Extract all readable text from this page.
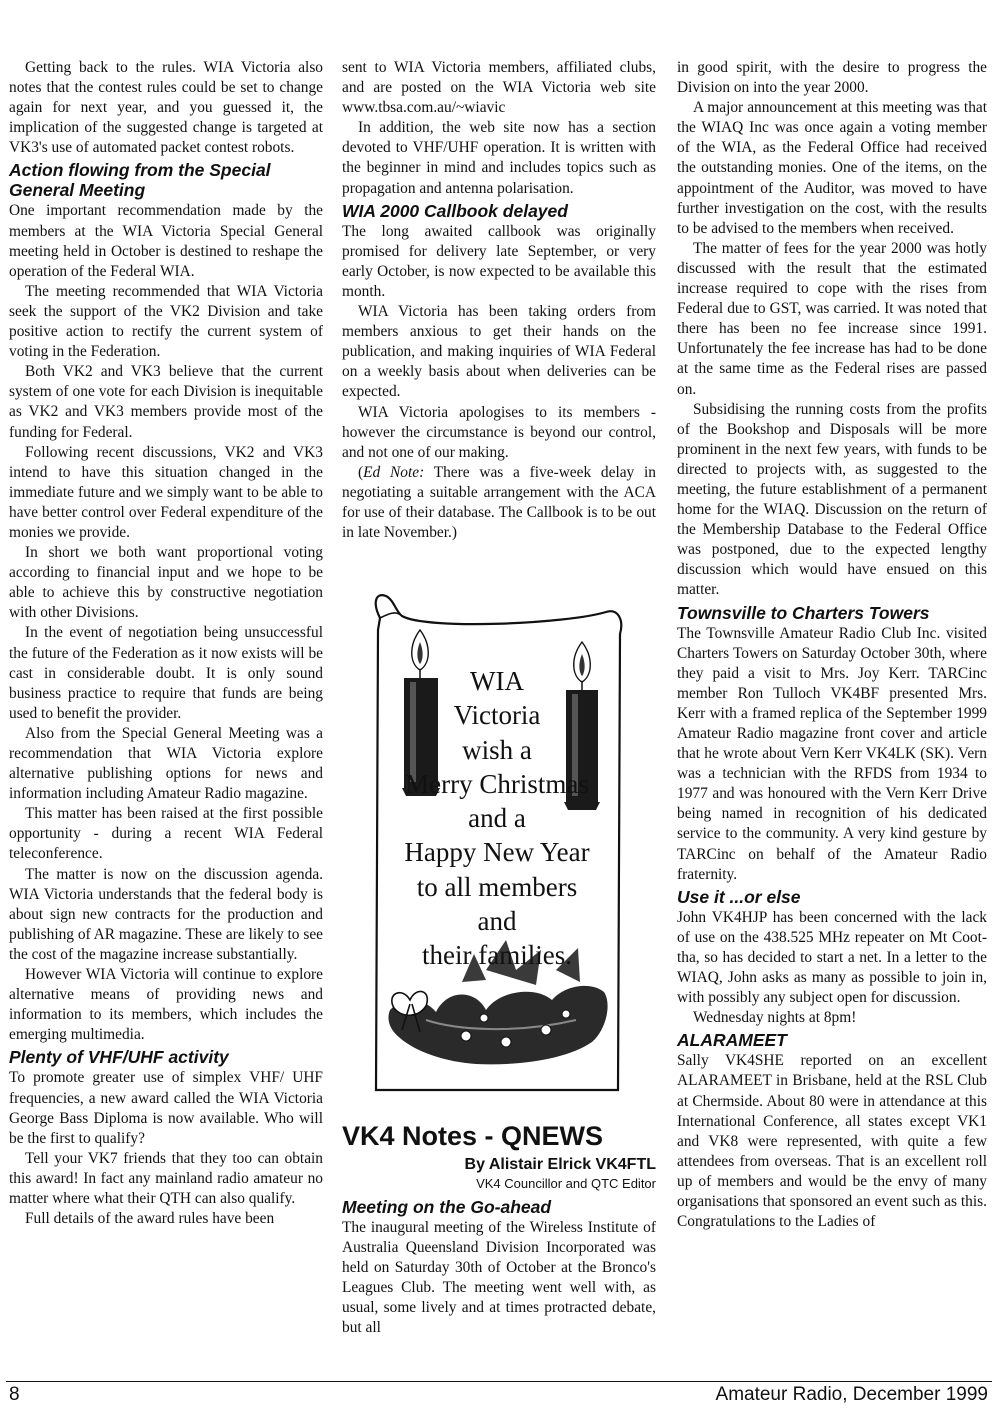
Getting back to the rules. WIA Victoria also notes that the contest rules could be set to change again for next year, and you guessed it, the implication of the suggested change is targeted at VK3's use of automated packet contest robots.

Action flowing from the Special General Meeting

One important recommendation made by the members at the WIA Victoria Special General meeting held in October is destined to reshape the operation of the Federal WIA.

The meeting recommended that WIA Victoria seek the support of the VK2 Division and take positive action to rectify the current system of voting in the Federation.

Both VK2 and VK3 believe that the current system of one vote for each Division is inequitable as VK2 and VK3 members provide most of the funding for Federal.

Following recent discussions, VK2 and VK3 intend to have this situation changed in the immediate future and we simply want to be able to have better control over Federal expenditure of the monies we provide.

In short we both want proportional voting according to financial input and we hope to be able to achieve this by constructive negotiation with other Divisions.

In the event of negotiation being unsuccessful the future of the Federation as it now exists will be cast in considerable doubt. It is only sound business practice to require that funds are being used to benefit the provider.

Also from the Special General Meeting was a recommendation that WIA Victoria explore alternative publishing options for news and information including Amateur Radio magazine.

This matter has been raised at the first possible opportunity - during a recent WIA Federal teleconference.

The matter is now on the discussion agenda. WIA Victoria understands that the federal body is about sign new contracts for the production and publishing of AR magazine. These are likely to see the cost of the magazine increase substantially.

However WIA Victoria will continue to explore alternative means of providing news and information to its members, which includes the emerging multimedia.

Plenty of VHF/UHF activity

To promote greater use of simplex VHF/ UHF frequencies, a new award called the WIA Victoria George Bass Diploma is now available. Who will be the first to qualify?

Tell your VK7 friends that they too can obtain this award! In fact any mainland radio amateur no matter where what their QTH can also qualify.

Full details of the award rules have been

sent to WIA Victoria members, affiliated clubs, and are posted on the WIA Victoria web site www.tbsa.com.au/~wiavic

In addition, the web site now has a section devoted to VHF/UHF operation. It is written with the beginner in mind and includes topics such as propagation and antenna polarisation.

WIA 2000 Callbook delayed

The long awaited callbook was originally promised for delivery late September, or very early October, is now expected to be available this month.

WIA Victoria has been taking orders from members anxious to get their hands on the publication, and making inquiries of WIA Federal on a weekly basis about when deliveries can be expected.

WIA Victoria apologises to its members - however the circumstance is beyond our control, and not one of our making.

(Ed Note: There was a five-week delay in negotiating a suitable arrangement with the ACA for use of their database. The Callbook is to be out in late November.)

WIA
Victoria
wish a
Merry Christmas
and a
Happy New Year
to all members
and
their families.
VK4 Notes - QNEWS
By Alistair Elrick VK4FTL
VK4 Councillor and QTC Editor
Meeting on the Go-ahead

The inaugural meeting of the Wireless Institute of Australia Queensland Division Incorporated was held on Saturday 30th of October at the Bronco's Leagues Club. The meeting went well with, as usual, some lively and at times protracted debate, but all

in good spirit, with the desire to progress the Division on into the year 2000.

A major announcement at this meeting was that the WIAQ Inc was once again a voting member of the WIA, as the Federal Office had received the outstanding monies. One of the items, on the appointment of the Auditor, was moved to have further investigation on the cost, with the results to be advised to the members when received.

The matter of fees for the year 2000 was hotly discussed with the result that the estimated increase required to cope with the rises from Federal due to GST, was carried. It was noted that there has been no fee increase since 1991. Unfortunately the fee increase has had to be done at the same time as the Federal rises are passed on.

Subsidising the running costs from the profits of the Bookshop and Disposals will be more prominent in the next few years, with funds to be directed to projects with, as suggested to the meeting, the future establishment of a permanent home for the WIAQ. Discussion on the return of the Membership Database to the Federal Office was postponed, due to the expected lengthy discussion which would have ensued on this matter.

Townsville to Charters Towers

The Townsville Amateur Radio Club Inc. visited Charters Towers on Saturday October 30th, where they paid a visit to Mrs. Joy Kerr. TARCinc member Ron Tulloch VK4BF presented Mrs. Kerr with a framed replica of the September 1999 Amateur Radio magazine front cover and article that he wrote about Vern Kerr VK4LK (SK). Vern was a technician with the RFDS from 1934 to 1977 and was honoured with the Vern Kerr Drive being named in recognition of his dedicated service to the community. A very kind gesture by TARCinc on behalf of the Amateur Radio fraternity.

Use it ...or else

John VK4HJP has been concerned with the lack of use on the 438.525 MHz repeater on Mt Coot-tha, so has decided to start a net. In a letter to the WIAQ, John asks as many as possible to join in, with possibly any subject open for discussion.

Wednesday nights at 8pm!

ALARAMEET

Sally VK4SHE reported on an excellent ALARAMEET in Brisbane, held at the RSL Club at Chermside. About 80 were in attendance at this International Conference, all states except VK1 and VK8 were represented, with quite a few attendees from overseas. That is an excellent roll up of members and would be the envy of many organisations that sponsored an event such as this. Congratulations to the Ladies of

8	Amateur Radio, December 1999
